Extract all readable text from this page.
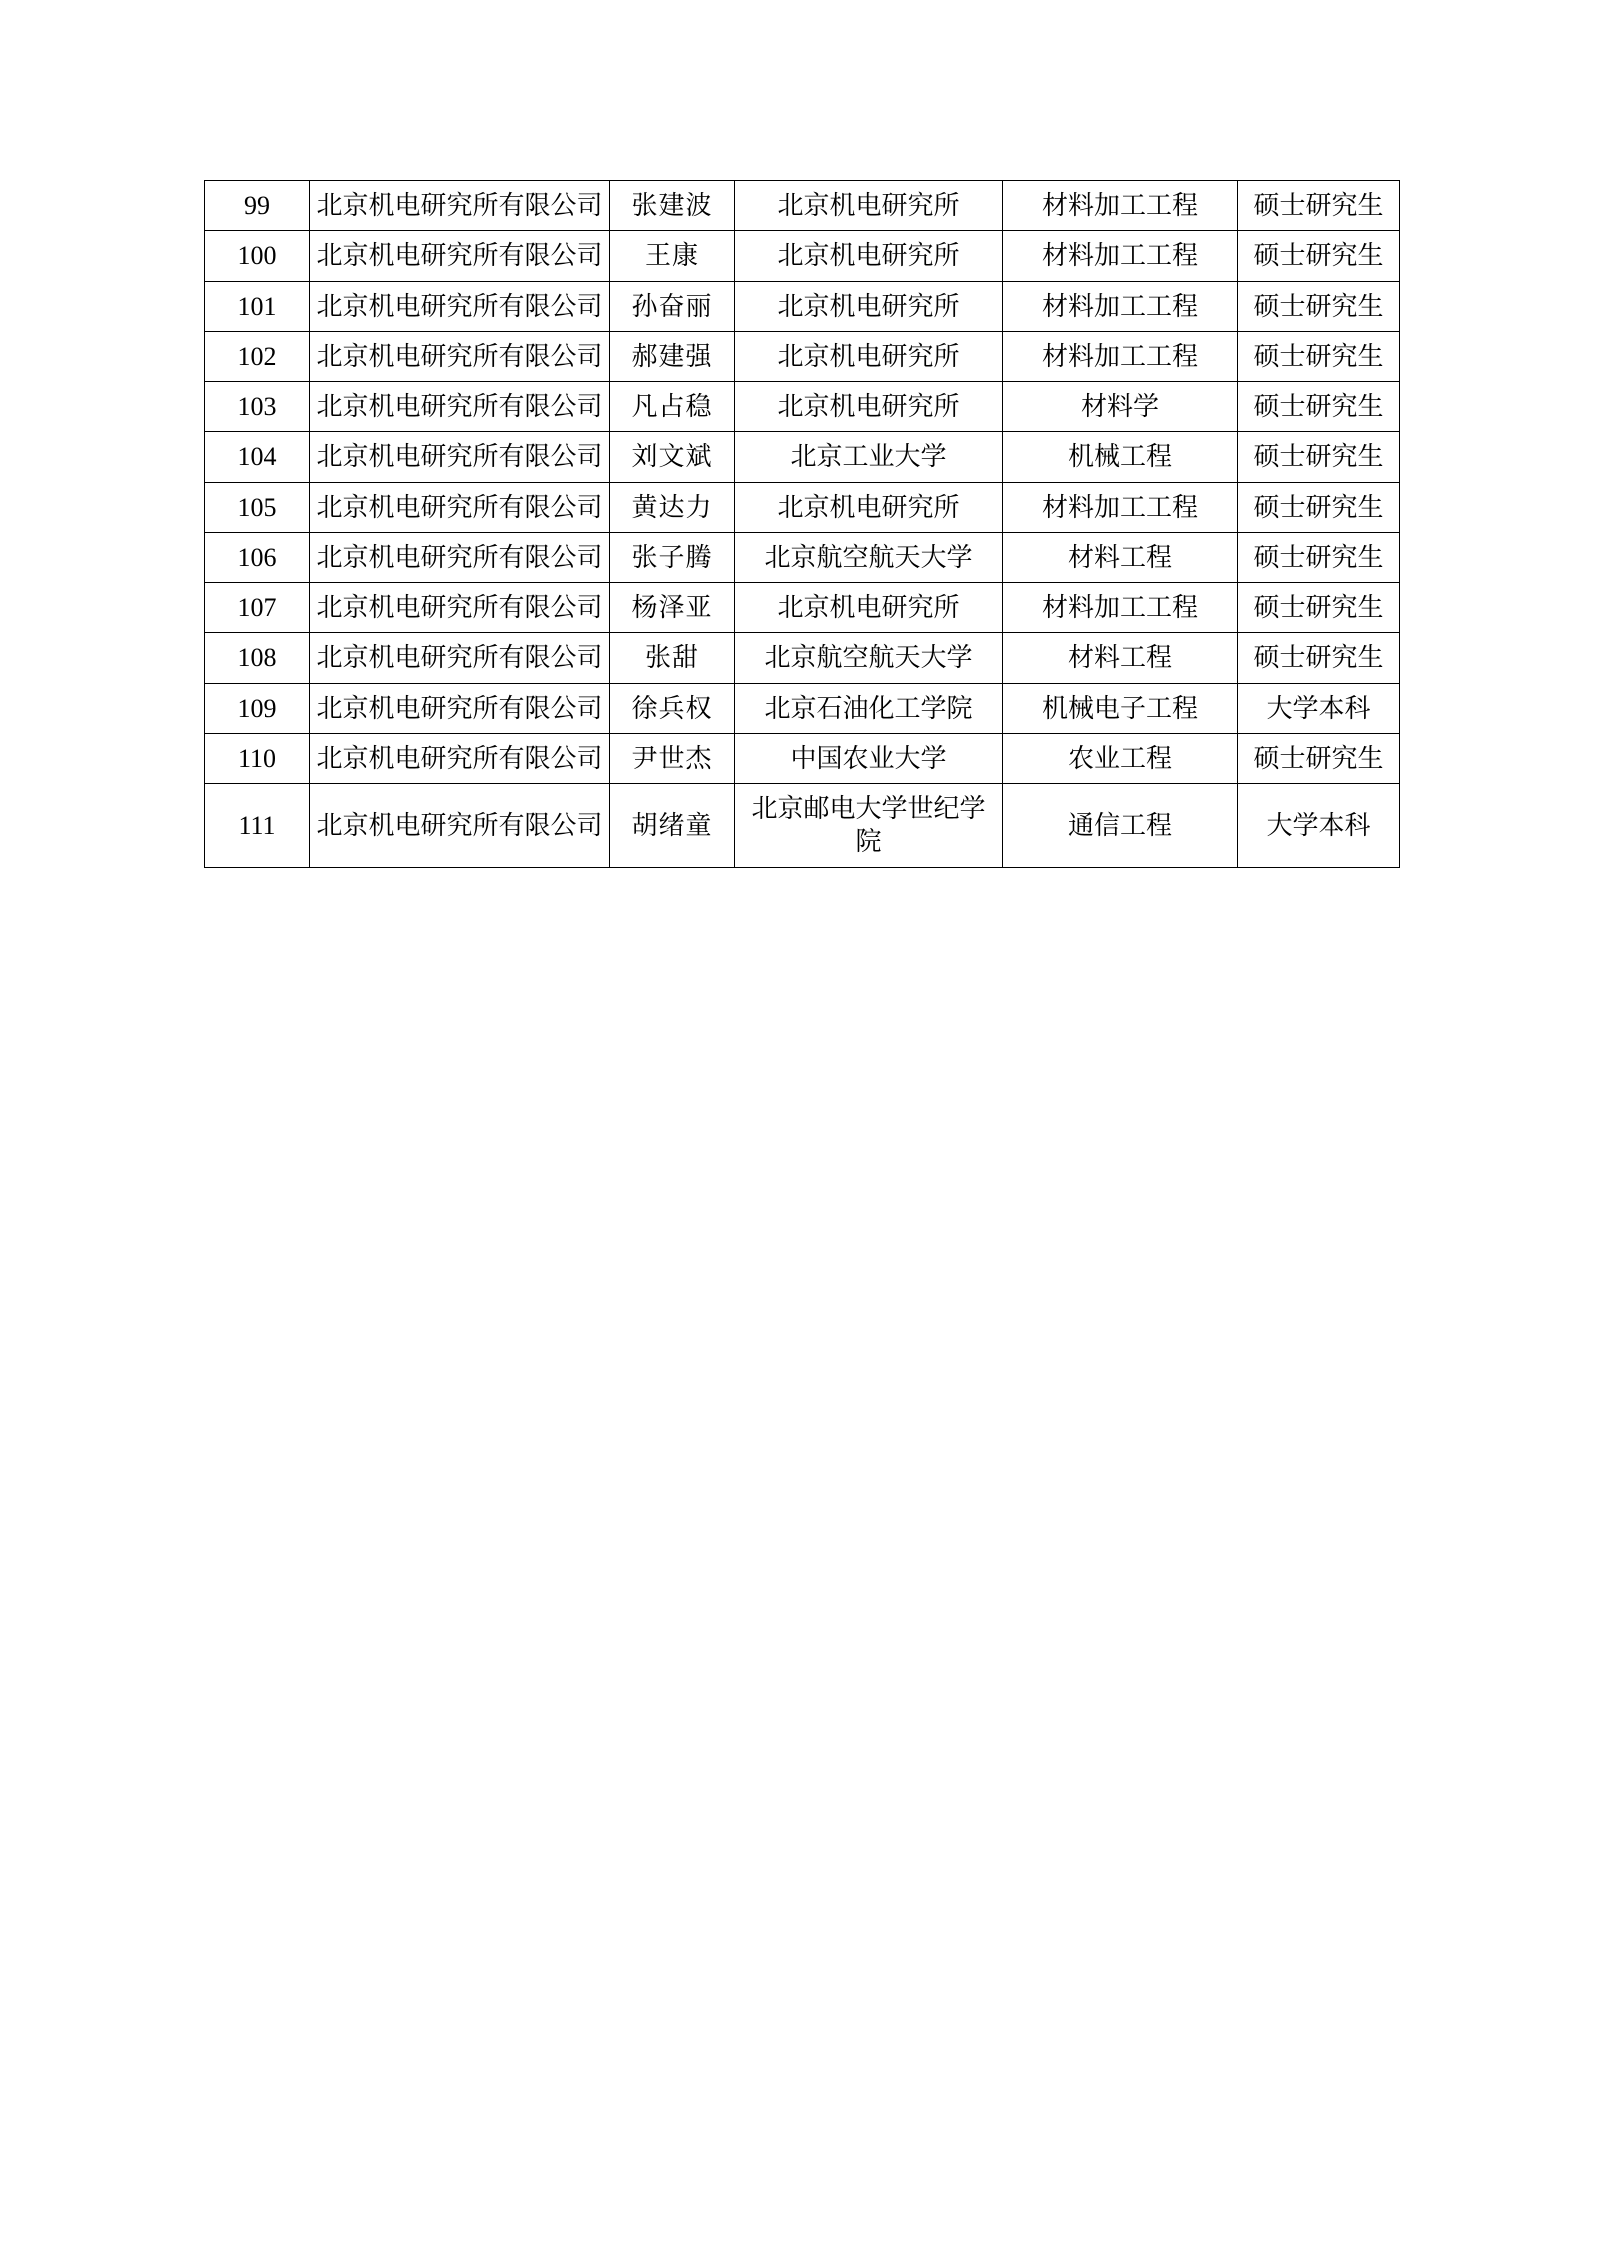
99	北京机电研究所有限公司	张建波	北京机电研究所	材料加工工程	硕士研究生
100	北京机电研究所有限公司	王康	北京机电研究所	材料加工工程	硕士研究生
101	北京机电研究所有限公司	孙奋丽	北京机电研究所	材料加工工程	硕士研究生
102	北京机电研究所有限公司	郝建强	北京机电研究所	材料加工工程	硕士研究生
103	北京机电研究所有限公司	凡占稳	北京机电研究所	材料学	硕士研究生
104	北京机电研究所有限公司	刘文斌	北京工业大学	机械工程	硕士研究生
105	北京机电研究所有限公司	黄达力	北京机电研究所	材料加工工程	硕士研究生
106	北京机电研究所有限公司	张子腾	北京航空航天大学	材料工程	硕士研究生
107	北京机电研究所有限公司	杨泽亚	北京机电研究所	材料加工工程	硕士研究生
108	北京机电研究所有限公司	张甜	北京航空航天大学	材料工程	硕士研究生
109	北京机电研究所有限公司	徐兵权	北京石油化工学院	机械电子工程	大学本科
110	北京机电研究所有限公司	尹世杰	中国农业大学	农业工程	硕士研究生
111	北京机电研究所有限公司	胡绪童	北京邮电大学世纪学院	通信工程	大学本科
